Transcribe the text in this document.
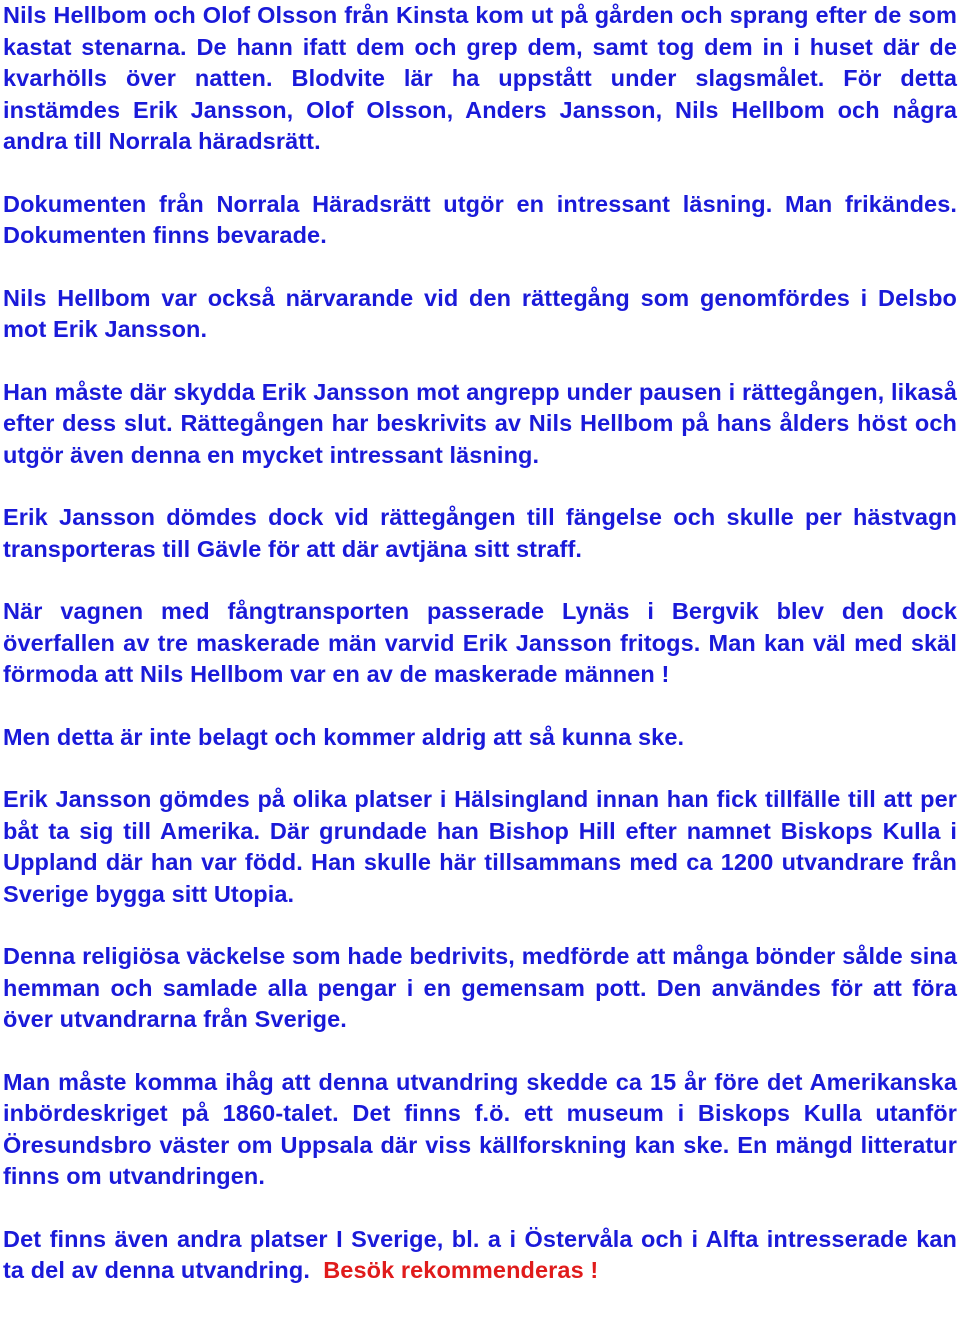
Nils Hellbom och Olof Olsson från Kinsta kom ut på gården och sprang efter de som kastat stenarna. De hann ifatt dem och grep dem, samt tog dem in i huset där de kvarhölls över natten. Blodvite lär ha uppstått under slagsmålet. För detta instämdes Erik Jansson, Olof Olsson, Anders Jansson, Nils Hellbom och några andra till Norrala häradsrätt.

Dokumenten från Norrala Häradsrätt utgör en intressant läsning. Man frikändes. Dokumenten finns bevarade.

Nils Hellbom var också närvarande vid den rättegång som genomfördes i Delsbo mot Erik Jansson.

Han måste där skydda Erik Jansson mot angrepp under pausen i rättegången, likaså efter dess slut. Rättegången har beskrivits av Nils Hellbom på hans ålders höst och utgör även denna en mycket intressant läsning.

Erik Jansson dömdes dock vid rättegången till fängelse och skulle per hästvagn transporteras till Gävle för att där avtjäna sitt straff.

När vagnen med fångtransporten passerade Lynäs i Bergvik blev den dock överfallen av tre maskerade män varvid Erik Jansson fritogs. Man kan väl med skäl förmoda att Nils Hellbom var en av de maskerade männen !

Men detta är inte belagt och kommer aldrig att så kunna ske.

Erik Jansson gömdes på olika platser i Hälsingland innan han fick tillfälle till att per båt ta sig till Amerika. Där grundade han Bishop Hill efter namnet Biskops Kulla i Uppland där han var född. Han skulle här tillsammans med ca 1200 utvandrare från Sverige bygga sitt Utopia.

Denna religiösa väckelse som hade bedrivits, medförde att många bönder sålde sina hemman och samlade alla pengar i en gemensam pott. Den användes för att föra över utvandrarna från Sverige.

Man måste komma ihåg att denna utvandring skedde ca 15 år före det Amerikanska inbördeskriget på 1860-talet. Det finns f.ö. ett museum i Biskops Kulla utanför Öresundsbro väster om Uppsala där viss källforskning kan ske. En mängd litteratur finns om utvandringen.

Det finns även andra platser I Sverige, bl. a i Östervåla och i Alfta intresserade kan ta del av denna utvandring. Besök rekommenderas !
